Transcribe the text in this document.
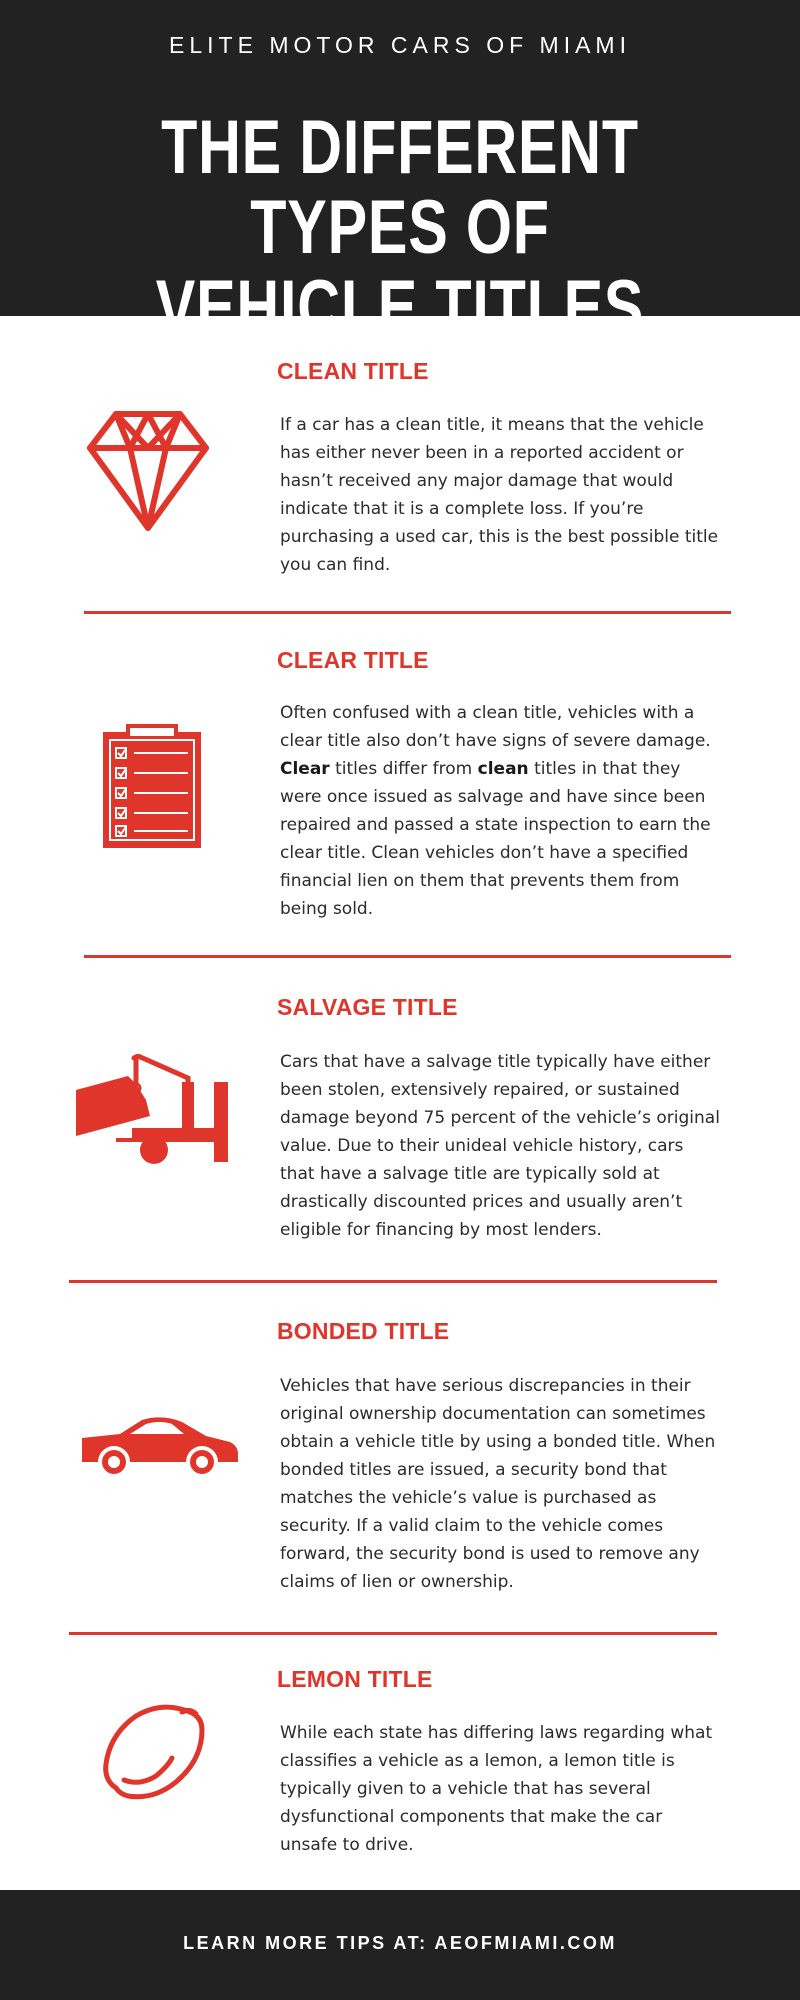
ELITE MOTOR CARS OF MIAMI
THE DIFFERENT TYPES OF
VEHICLE TITLES
CLEAN TITLE
If a car has a clean title, it means that the vehicle has either never been in a reported accident or hasn’t received any major damage that would indicate that it is a complete loss. If you’re purchasing a used car, this is the best possible title you can find.
CLEAR TITLE
Often confused with a clean title, vehicles with a clear title also don’t have signs of severe damage. Clear titles differ from clean titles in that they were once issued as salvage and have since been repaired and passed a state inspection to earn the clear title. Clean vehicles don’t have a specified financial lien on them that prevents them from being sold.
SALVAGE TITLE
Cars that have a salvage title typically have either been stolen, extensively repaired, or sustained damage beyond 75 percent of the vehicle’s original value. Due to their unideal vehicle history, cars that have a salvage title are typically sold at drastically discounted prices and usually aren’t eligible for financing by most lenders.
BONDED TITLE
Vehicles that have serious discrepancies in their original ownership documentation can sometimes obtain a vehicle title by using a bonded title. When bonded titles are issued, a security bond that matches the vehicle’s value is purchased as security. If a valid claim to the vehicle comes forward, the security bond is used to remove any claims of lien or ownership.
LEMON TITLE
While each state has differing laws regarding what classifies a vehicle as a lemon, a lemon title is typically given to a vehicle that has several dysfunctional components that make the car unsafe to drive.
LEARN MORE TIPS AT: AEOFMIAMI.COM
